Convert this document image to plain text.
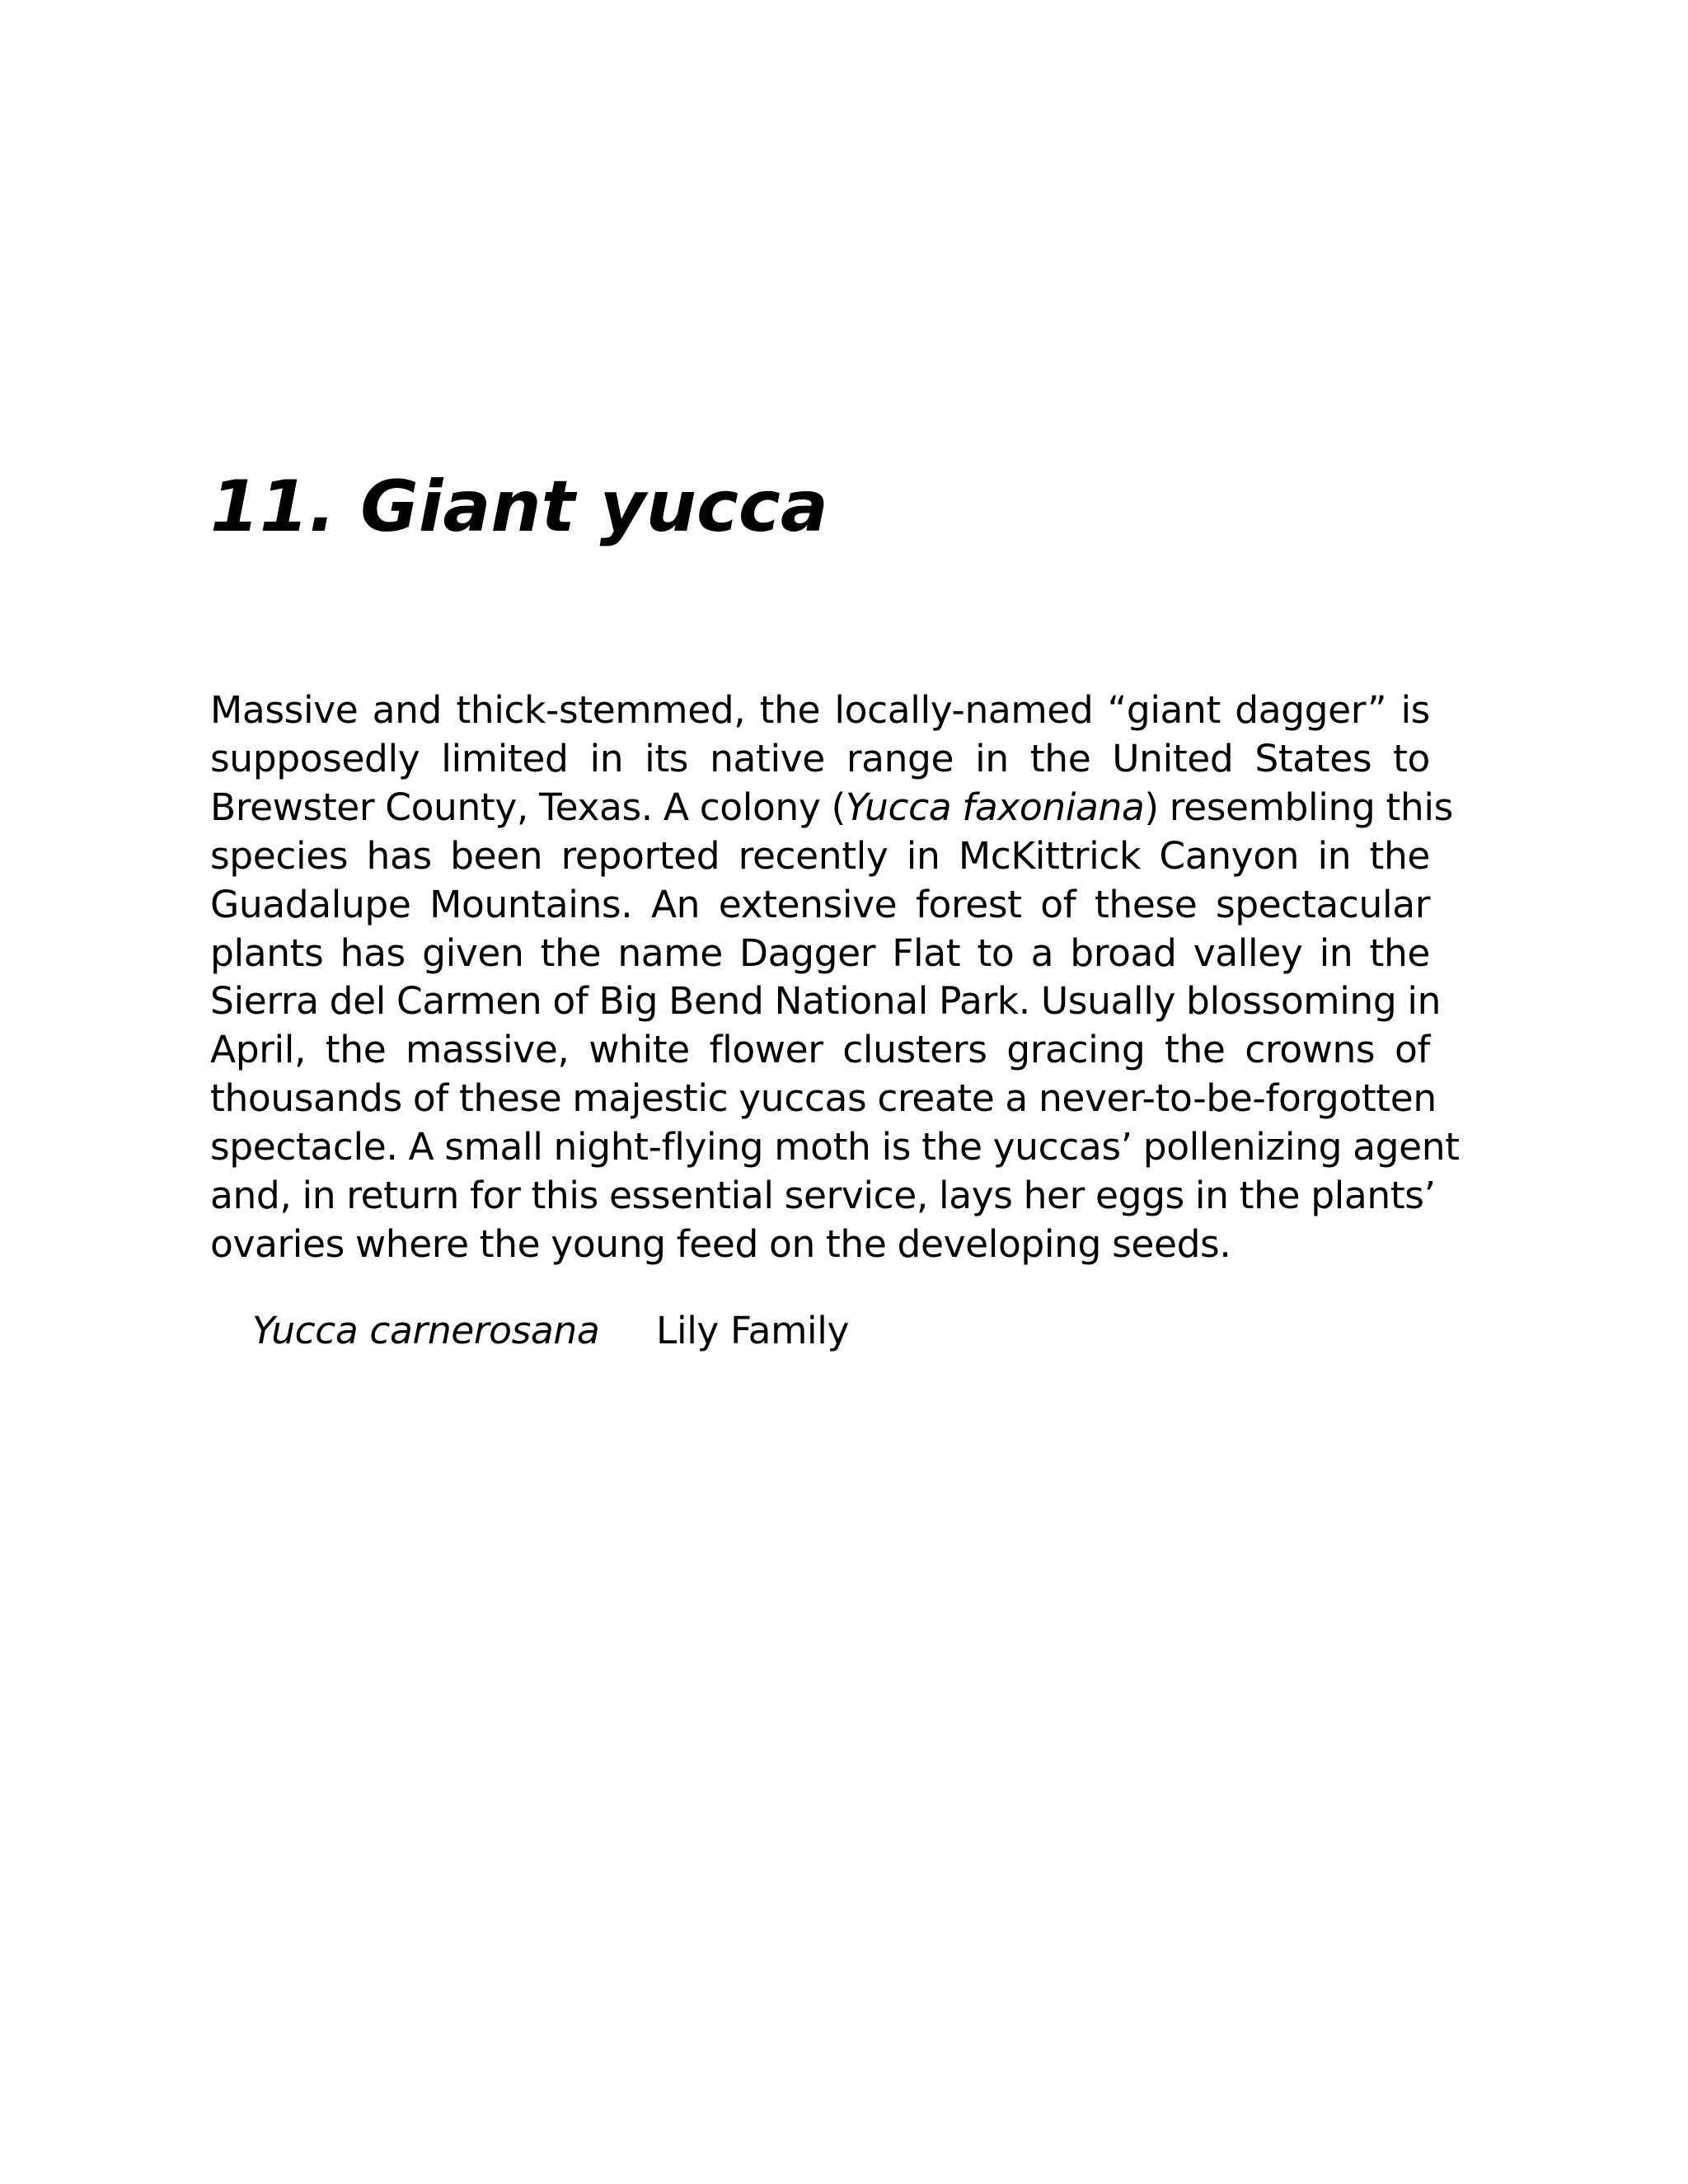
11. Giant yucca
Massive and thick-stemmed, the locally-named “giant dagger” is
supposedly limited in its native range in the United States to
Brewster County, Texas. A colony (Yucca faxoniana) resembling this
species has been reported recently in McKittrick Canyon in the
Guadalupe Mountains. An extensive forest of these spectacular
plants has given the name Dagger Flat to a broad valley in the
Sierra del Carmen of Big Bend National Park. Usually blossoming in
April, the massive, white flower clusters gracing the crowns of
thousands of these majestic yuccas create a never-to-be-forgotten
spectacle. A small night-flying moth is the yuccas’ pollenizing agent
and, in return for this essential service, lays her eggs in the plants’
ovaries where the young feed on the developing seeds.
Yucca carnerosana Lily Family
